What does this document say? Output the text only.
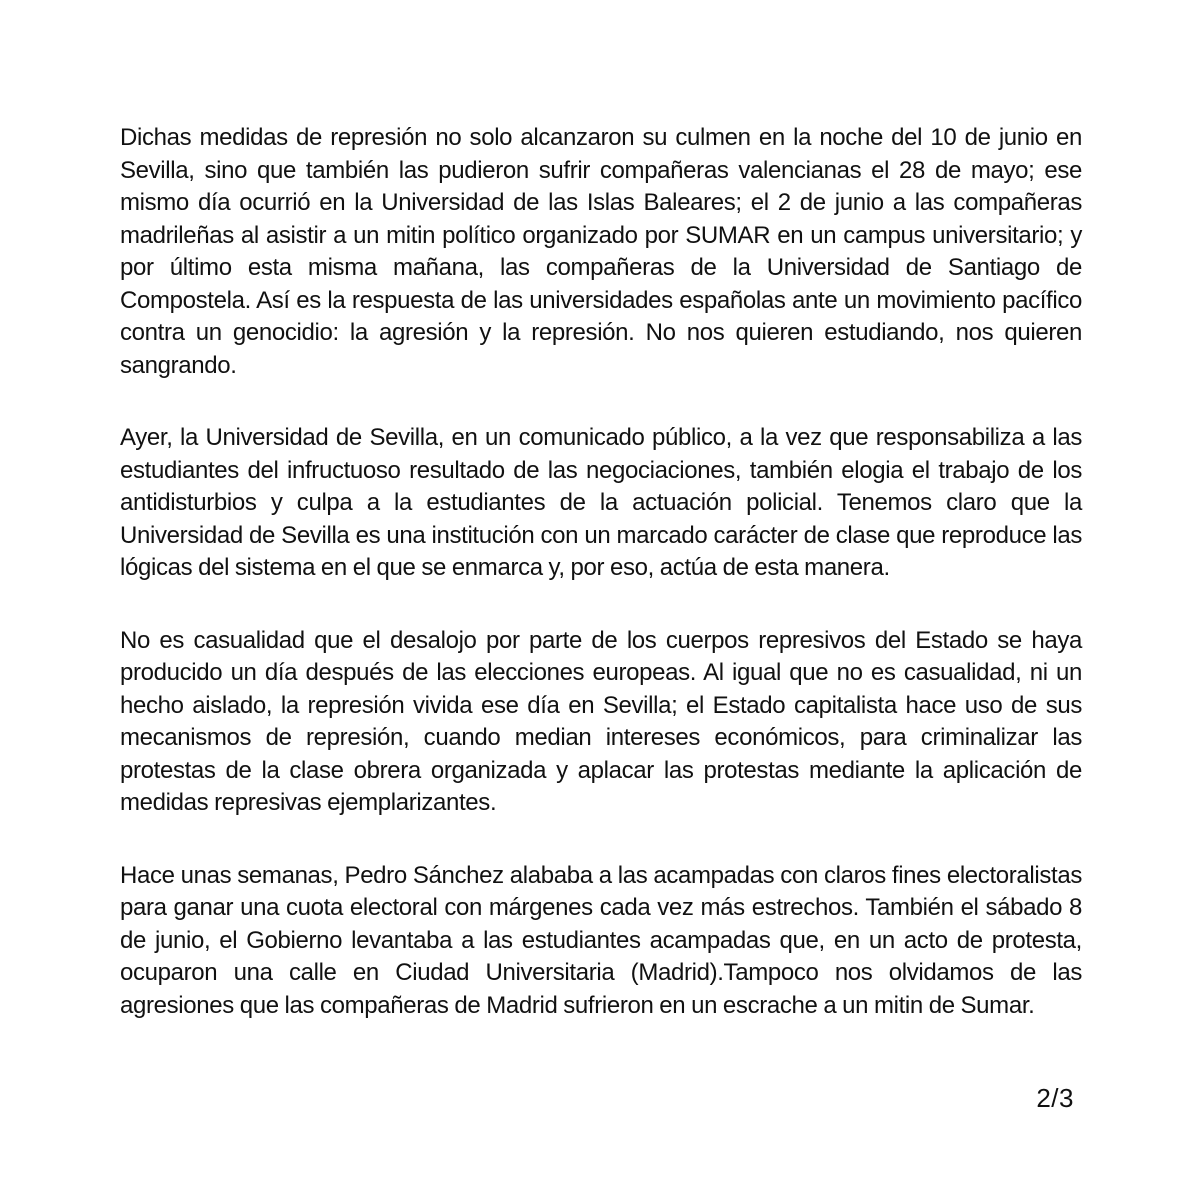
Dichas medidas de represión no solo alcanzaron su culmen en la noche del 10 de junio en Sevilla, sino que también las pudieron sufrir compañeras valencianas el 28 de mayo; ese mismo día ocurrió en la Universidad de las Islas Baleares; el 2 de junio a las compañeras madrileñas al asistir a un mitin político organizado por SUMAR en un campus universitario; y por último esta misma mañana, las compañeras de la Universidad de Santiago de Compostela. Así es la respuesta de las universidades españolas ante un movimiento pacífico contra un genocidio: la agresión y la represión. No nos quieren estudiando, nos quieren sangrando.

Ayer, la Universidad de Sevilla, en un comunicado público, a la vez que responsabiliza a las estudiantes del infructuoso resultado de las negociaciones, también elogia el trabajo de los antidisturbios y culpa a la estudiantes de la actuación policial. Tenemos claro que la Universidad de Sevilla es una institución con un marcado carácter de clase que reproduce las lógicas del sistema en el que se enmarca y, por eso, actúa de esta manera.

No es casualidad que el desalojo por parte de los cuerpos represivos del Estado se haya producido un día después de las elecciones europeas. Al igual que no es casualidad, ni un hecho aislado, la represión vivida ese día en Sevilla; el Estado capitalista hace uso de sus mecanismos de represión, cuando median intereses económicos, para criminalizar las protestas de la clase obrera organizada y aplacar las protestas mediante la aplicación de medidas represivas ejemplarizantes.

Hace unas semanas, Pedro Sánchez alababa a las acampadas con claros fines electoralistas para ganar una cuota electoral con márgenes cada vez más estrechos. También el sábado 8 de junio, el Gobierno levantaba a las estudiantes acampadas que, en un acto de protesta, ocuparon una calle en Ciudad Universitaria (Madrid).Tampoco nos olvidamos de las agresiones que las compañeras de Madrid sufrieron en un escrache a un mitin de Sumar.

2/3
